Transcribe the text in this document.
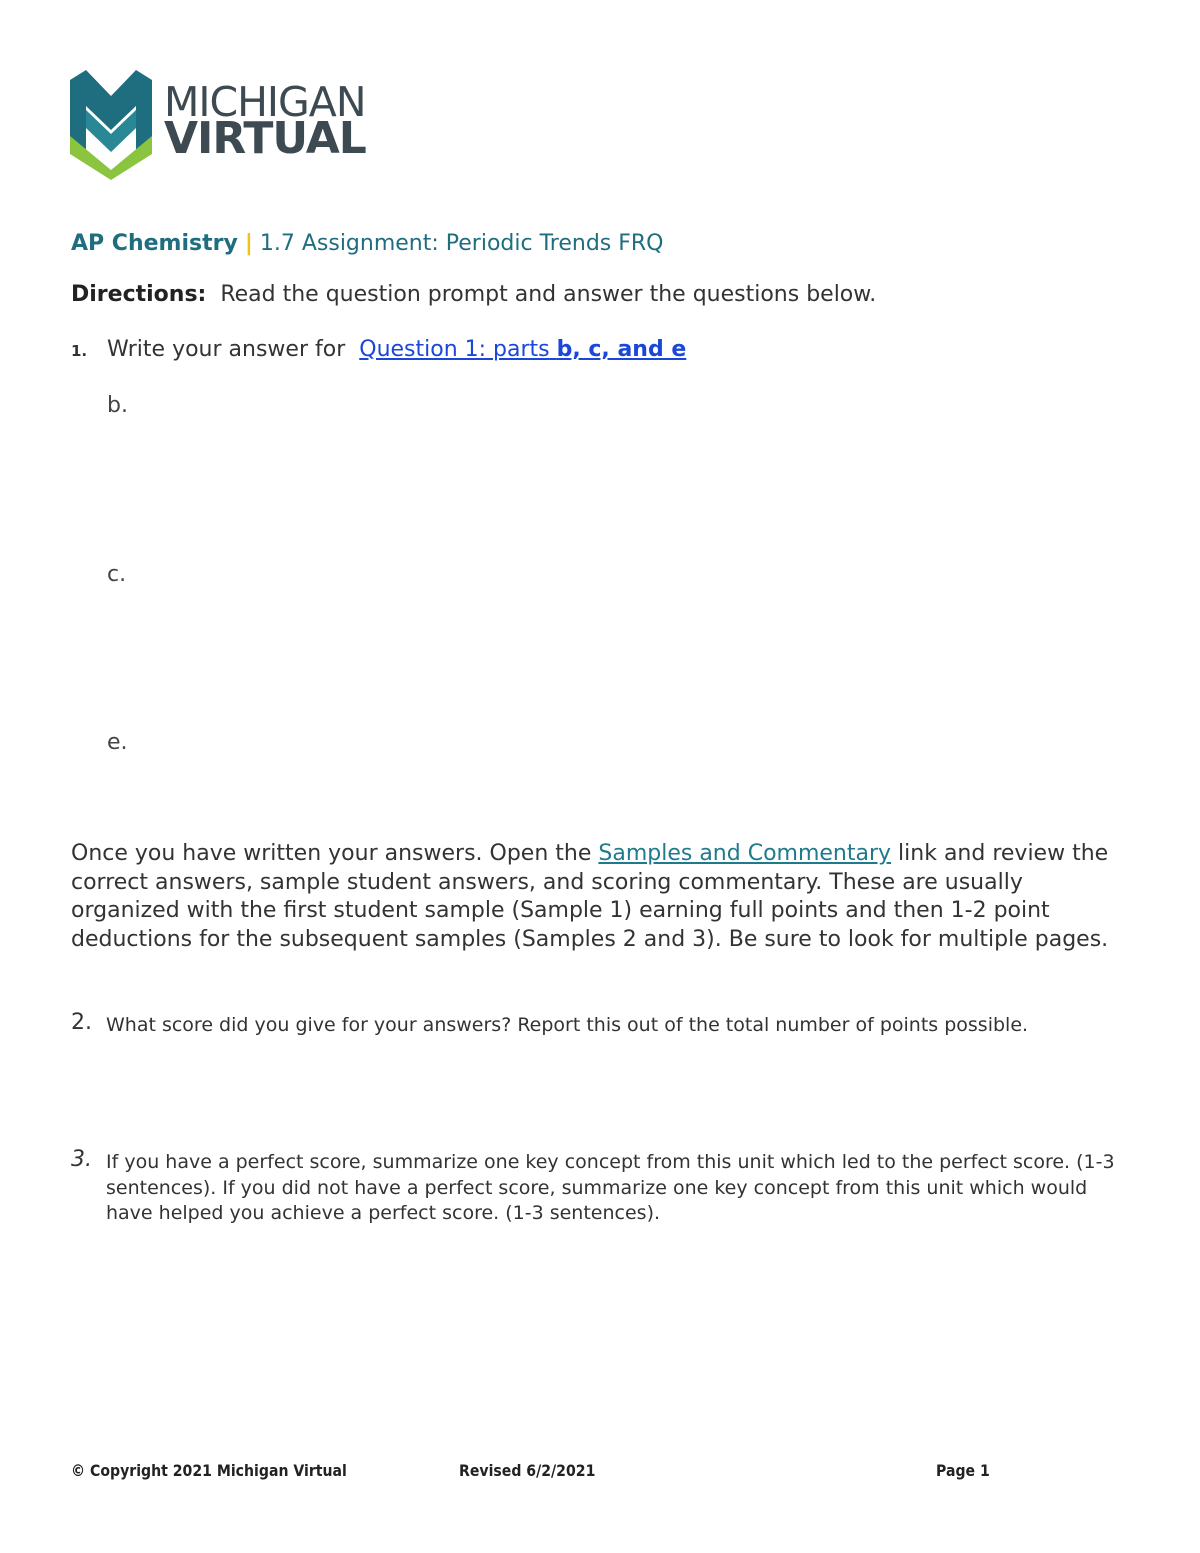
MICHIGAN
VIRTUAL
AP Chemistry | 1.7 Assignment: Periodic Trends FRQ
Directions: Read the question prompt and answer the questions below.
1. Write your answer for Question 1: parts b, c, and e
b.
c.
e.
Once you have written your answers. Open the Samples and Commentary link and review the correct answers, sample student answers, and scoring commentary. These are usually organized with the first student sample (Sample 1) earning full points and then 1-2 point deductions for the subsequent samples (Samples 2 and 3). Be sure to look for multiple pages.
2. What score did you give for your answers? Report this out of the total number of points possible.
3. If you have a perfect score, summarize one key concept from this unit which led to the perfect score. (1-3 sentences). If you did not have a perfect score, summarize one key concept from this unit which would have helped you achieve a perfect score. (1-3 sentences).
© Copyright 2021 Michigan Virtual	Revised 6/2/2021	Page 1
